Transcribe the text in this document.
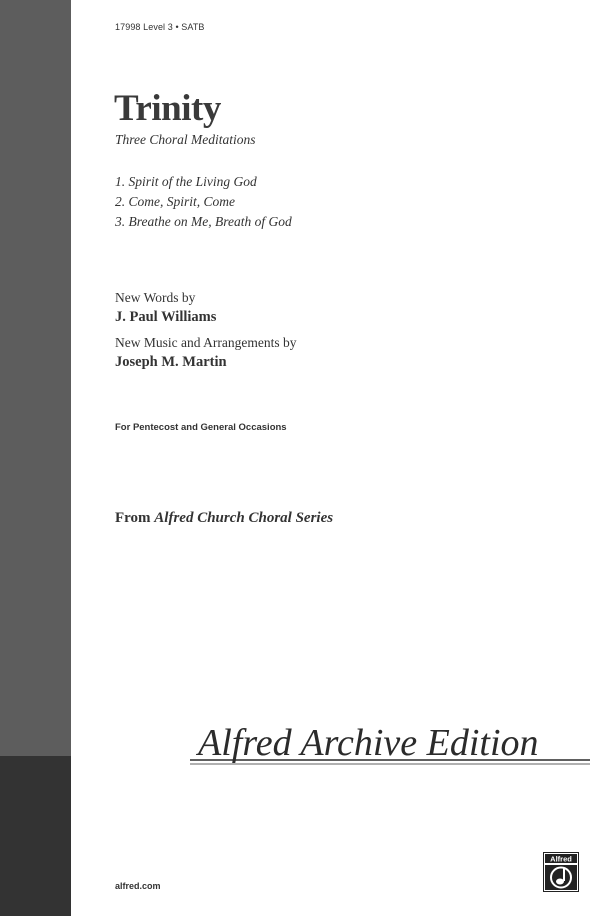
17998 Level 3 • SATB
Trinity
Three Choral Meditations
1. Spirit of the Living God
2. Come, Spirit, Come
3. Breathe on Me, Breath of God
New Words by
J. Paul Williams
New Music and Arrangements by
Joseph M. Martin
For Pentecost and General Occasions
From Alfred Church Choral Series
Alfred Archive Edition
Alfred
alfred.com
